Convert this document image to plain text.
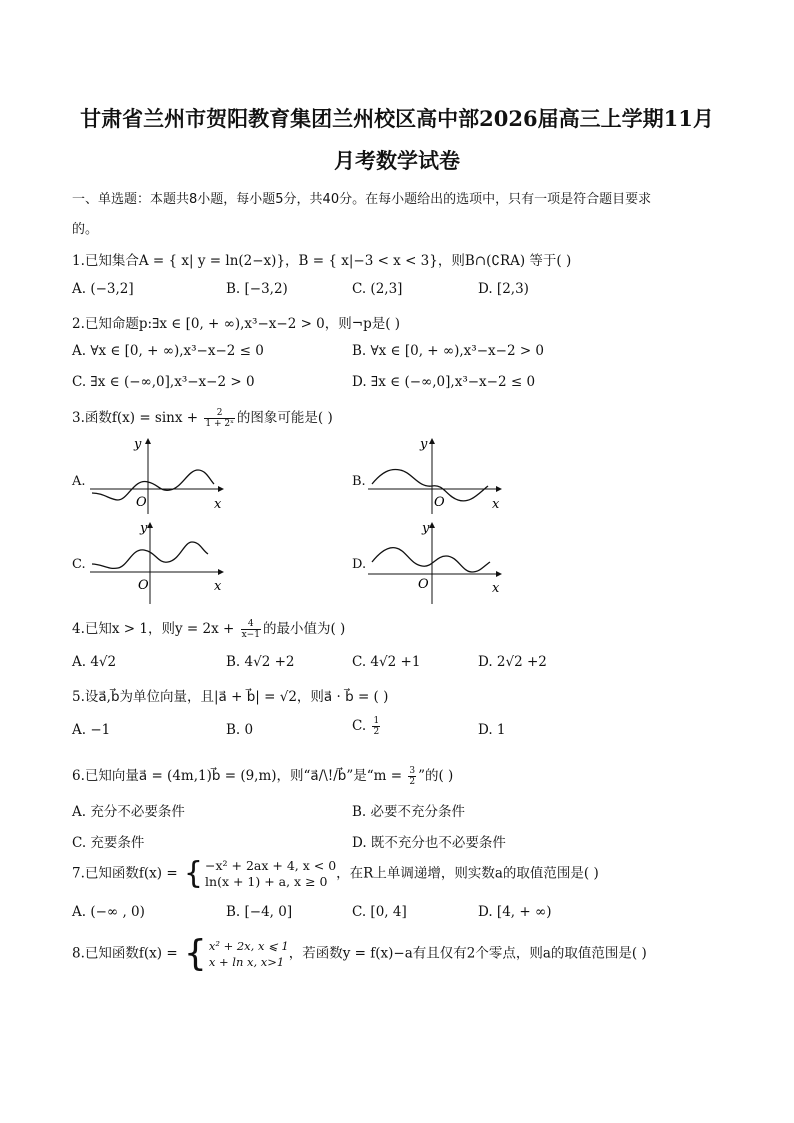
甘肃省兰州市贺阳教育集团兰州校区高中部2026届高三上学期11月
月考数学试卷
一、单选题：本题共8小题，每小题5分，共40分。在每小题给出的选项中，只有一项是符合题目要求
的。
1.已知集合A = { x| y = ln(2−x)}，B = { x|−3 < x < 3}，则B∩(∁RA) 等于( )
A. (−3,2]	B. [−3,2)	C. (2,3]	D. [2,3)
2.已知命题p:∃x ∈ [0, + ∞),x³−x−2 > 0，则¬p是( )
A. ∀x ∈ [0, + ∞),x³−x−2 ≤ 0	B. ∀x ∈ [0, + ∞),x³−x−2 > 0
C. ∃x ∈ (−∞,0],x³−x−2 > 0	D. ∃x ∈ (−∞,0],x³−x−2 ≤ 0
3.函数$f(x) = \sin x + \frac{2}{\text{1 + 2ˣ}}$ 的图象可能是( )
A.
O	x
y
B.
O	x
y
C.
O	x
y
D.
O	x
y
4.已知x > 1，则$y = 2x + \frac{4}{x-1}$ 的最小值为( )
A. 4√2	B. 4√2 +2	C. 4√2 +1	D. 2√2 +2
5.设a⃗,b⃗为单位向量，且|a⃗ + b⃗| = √2，则a⃗ · b⃗ = ( )
A. −1	B. 0	C. $\frac{1}{2}$	D. 1
6.已知向量a⃗ = (4m,1)b⃗ = (9,m)，则“a⃗/\!/b⃗”是“$m = \frac{3}{2}$ ”的( )
A. 充分不必要条件	B. 必要不充分条件
C. 充要条件	D. 既不充分也不必要条件
7.已知函数f(x) = { −x² + 2ax + 4, x < 0
ln(x + 1) + a, x ≥ 0 ，在R上单调递增，则实数a的取值范围是( )
A. (−∞ , 0)	B. [−4, 0]	C. [0, 4]	D. [4, + ∞)
8.已知函数f(x) = { x² + 2x, x ⩽ 1
x + ln x, x>1
，若函数y = f(x)−a有且仅有2个零点，则a的取值范围是( )
